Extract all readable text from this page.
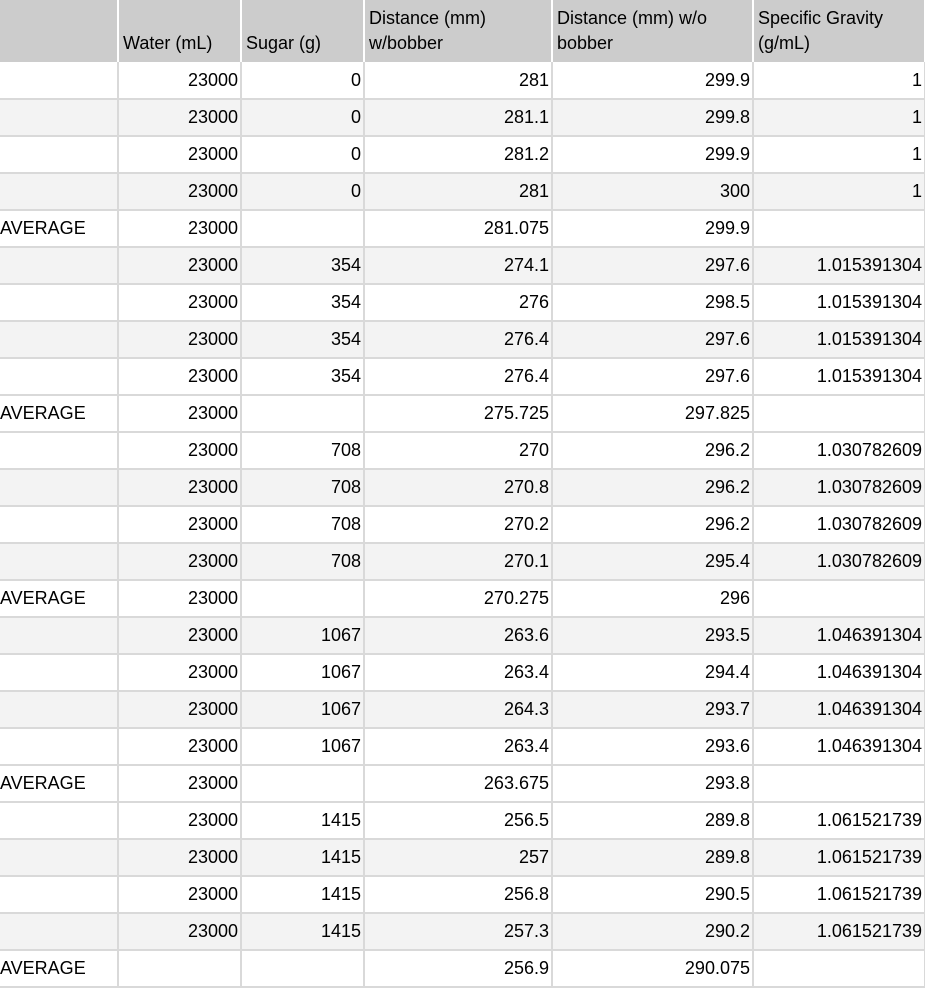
	Water (mL)	Sugar (g)	Distance (mm) w/bobber	Distance (mm) w/o bobber	Specific Gravity (g/mL)
	23000	0	281	299.9	1
	23000	0	281.1	299.8	1
	23000	0	281.2	299.9	1
	23000	0	281	300	1
AVERAGE	23000		281.075	299.9	
	23000	354	274.1	297.6	1.015391304
	23000	354	276	298.5	1.015391304
	23000	354	276.4	297.6	1.015391304
	23000	354	276.4	297.6	1.015391304
AVERAGE	23000		275.725	297.825	
	23000	708	270	296.2	1.030782609
	23000	708	270.8	296.2	1.030782609
	23000	708	270.2	296.2	1.030782609
	23000	708	270.1	295.4	1.030782609
AVERAGE	23000		270.275	296	
	23000	1067	263.6	293.5	1.046391304
	23000	1067	263.4	294.4	1.046391304
	23000	1067	264.3	293.7	1.046391304
	23000	1067	263.4	293.6	1.046391304
AVERAGE	23000		263.675	293.8	
	23000	1415	256.5	289.8	1.061521739
	23000	1415	257	289.8	1.061521739
	23000	1415	256.8	290.5	1.061521739
	23000	1415	257.3	290.2	1.061521739
AVERAGE			256.9	290.075	
